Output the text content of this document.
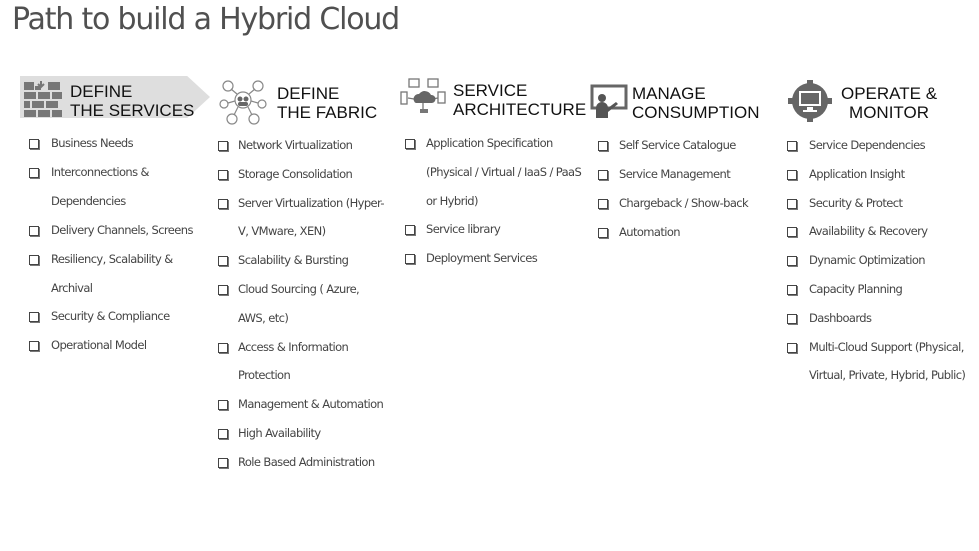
Path to build a Hybrid Cloud
DEFINE
THE SERVICES
DEFINE
THE FABRIC
SERVICE
ARCHITECTURE
MANAGE
CONSUMPTION
OPERATE &
MONITOR
Business Needs
Interconnections &
Dependencies
Delivery Channels, Screens
Resiliency, Scalability &
Archival
Security & Compliance
Operational Model
Network Virtualization
Storage Consolidation
Server Virtualization (Hyper-
V, VMware, XEN)
Scalability & Bursting
Cloud Sourcing ( Azure,
AWS, etc)
Access & Information
Protection
Management & Automation
High Availability
Role Based Administration
Application Specification
(Physical / Virtual / IaaS / PaaS
or Hybrid)
Service library
Deployment Services
Self Service Catalogue
Service Management
Chargeback / Show-back
Automation
Service Dependencies
Application Insight
Security & Protect
Availability & Recovery
Dynamic Optimization
Capacity Planning
Dashboards
Multi-Cloud Support (Physical,
Virtual, Private, Hybrid, Public)
